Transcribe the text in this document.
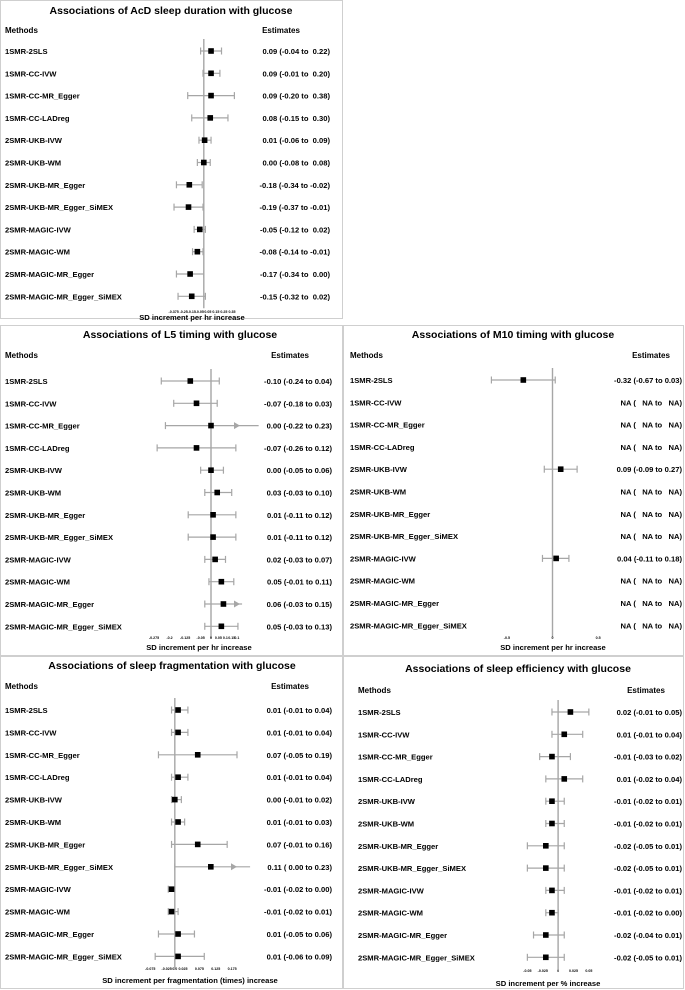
Associations of AcD sleep duration with glucose
Methods	Estimates
SD increment per hr increase
-0.375 -0.25 -0.15 -0.05 0.05 0.15 0.25 0.35
1SMR-2SLS	0.09 (-0.04 to  0.22)
1SMR-CC-IVW	0.09 (-0.01 to  0.20)
1SMR-CC-MR_Egger	0.09 (-0.20 to  0.38)
1SMR-CC-LADreg	0.08 (-0.15 to  0.30)
2SMR-UKB-IVW	0.01 (-0.06 to  0.09)
2SMR-UKB-WM	0.00 (-0.08 to  0.08)
2SMR-UKB-MR_Egger	-0.18 (-0.34 to -0.02)
2SMR-UKB-MR_Egger_SiMEX	-0.19 (-0.37 to -0.01)
2SMR-MAGIC-IVW	-0.05 (-0.12 to  0.02)
2SMR-MAGIC-WM	-0.08 (-0.14 to -0.01)
2SMR-MAGIC-MR_Egger	-0.17 (-0.34 to  0.00)
2SMR-MAGIC-MR_Egger_SiMEX	-0.15 (-0.32 to  0.02)
Associations of L5 timing with glucose
Methods	Estimates
SD increment per hr increase
-0.275 -0.2 -0.125 -0.05 0 0.05 0.1 0.15 0.1
1SMR-2SLS	-0.10 (-0.24 to 0.04)
1SMR-CC-IVW	-0.07 (-0.18 to 0.03)
1SMR-CC-MR_Egger	0.00 (-0.22 to 0.23)
1SMR-CC-LADreg	-0.07 (-0.26 to 0.12)
2SMR-UKB-IVW	0.00 (-0.05 to 0.06)
2SMR-UKB-WM	0.03 (-0.03 to 0.10)
2SMR-UKB-MR_Egger	0.01 (-0.11 to 0.12)
2SMR-UKB-MR_Egger_SiMEX	0.01 (-0.11 to 0.12)
2SMR-MAGIC-IVW	0.02 (-0.03 to 0.07)
2SMR-MAGIC-WM	0.05 (-0.01 to 0.11)
2SMR-MAGIC-MR_Egger	0.06 (-0.03 to 0.15)
2SMR-MAGIC-MR_Egger_SiMEX	0.05 (-0.03 to 0.13)
Associations of M10 timing with glucose
Methods	Estimates
SD increment per hr increase
-0.5	0	0.5
1SMR-2SLS	-0.32 (-0.67 to 0.03)
1SMR-CC-IVW	NA (   NA to   NA)
1SMR-CC-MR_Egger	NA (   NA to   NA)
1SMR-CC-LADreg	NA (   NA to   NA)
2SMR-UKB-IVW	0.09 (-0.09 to 0.27)
2SMR-UKB-WM	NA (   NA to   NA)
2SMR-UKB-MR_Egger	NA (   NA to   NA)
2SMR-UKB-MR_Egger_SiMEX	NA (   NA to   NA)
2SMR-MAGIC-IVW	0.04 (-0.11 to 0.18)
2SMR-MAGIC-WM	NA (   NA to   NA)
2SMR-MAGIC-MR_Egger	NA (   NA to   NA)
2SMR-MAGIC-MR_Egger_SiMEX	NA (   NA to   NA)
Associations of sleep fragmentation with glucose
Methods	Estimates
SD increment per fragmentation (times) increase
-0.075 -0.025 0.0 0.025 0.075 0.125 0.175
1SMR-2SLS	0.01 (-0.01 to 0.04)
1SMR-CC-IVW	0.01 (-0.01 to 0.04)
1SMR-CC-MR_Egger	0.07 (-0.05 to 0.19)
1SMR-CC-LADreg	0.01 (-0.01 to 0.04)
2SMR-UKB-IVW	0.00 (-0.01 to 0.02)
2SMR-UKB-WM	0.01 (-0.01 to 0.03)
2SMR-UKB-MR_Egger	0.07 (-0.01 to 0.16)
2SMR-UKB-MR_Egger_SiMEX	0.11 ( 0.00 to 0.23)
2SMR-MAGIC-IVW	-0.01 (-0.02 to 0.00)
2SMR-MAGIC-WM	-0.01 (-0.02 to 0.01)
2SMR-MAGIC-MR_Egger	0.01 (-0.05 to 0.06)
2SMR-MAGIC-MR_Egger_SiMEX	0.01 (-0.06 to 0.09)
Associations of sleep efficiency with glucose
Methods	Estimates
SD increment per % increase
-0.05 -0.025	0	0.025 0.05
1SMR-2SLS	0.02 (-0.01 to 0.05)
1SMR-CC-IVW	0.01 (-0.01 to 0.04)
1SMR-CC-MR_Egger	-0.01 (-0.03 to 0.02)
1SMR-CC-LADreg	0.01 (-0.02 to 0.04)
2SMR-UKB-IVW	-0.01 (-0.02 to 0.01)
2SMR-UKB-WM	-0.01 (-0.02 to 0.01)
2SMR-UKB-MR_Egger	-0.02 (-0.05 to 0.01)
2SMR-UKB-MR_Egger_SiMEX	-0.02 (-0.05 to 0.01)
2SMR-MAGIC-IVW	-0.01 (-0.02 to 0.01)
2SMR-MAGIC-WM	-0.01 (-0.02 to 0.00)
2SMR-MAGIC-MR_Egger	-0.02 (-0.04 to 0.01)
2SMR-MAGIC-MR_Egger_SiMEX	-0.02 (-0.05 to 0.01)
